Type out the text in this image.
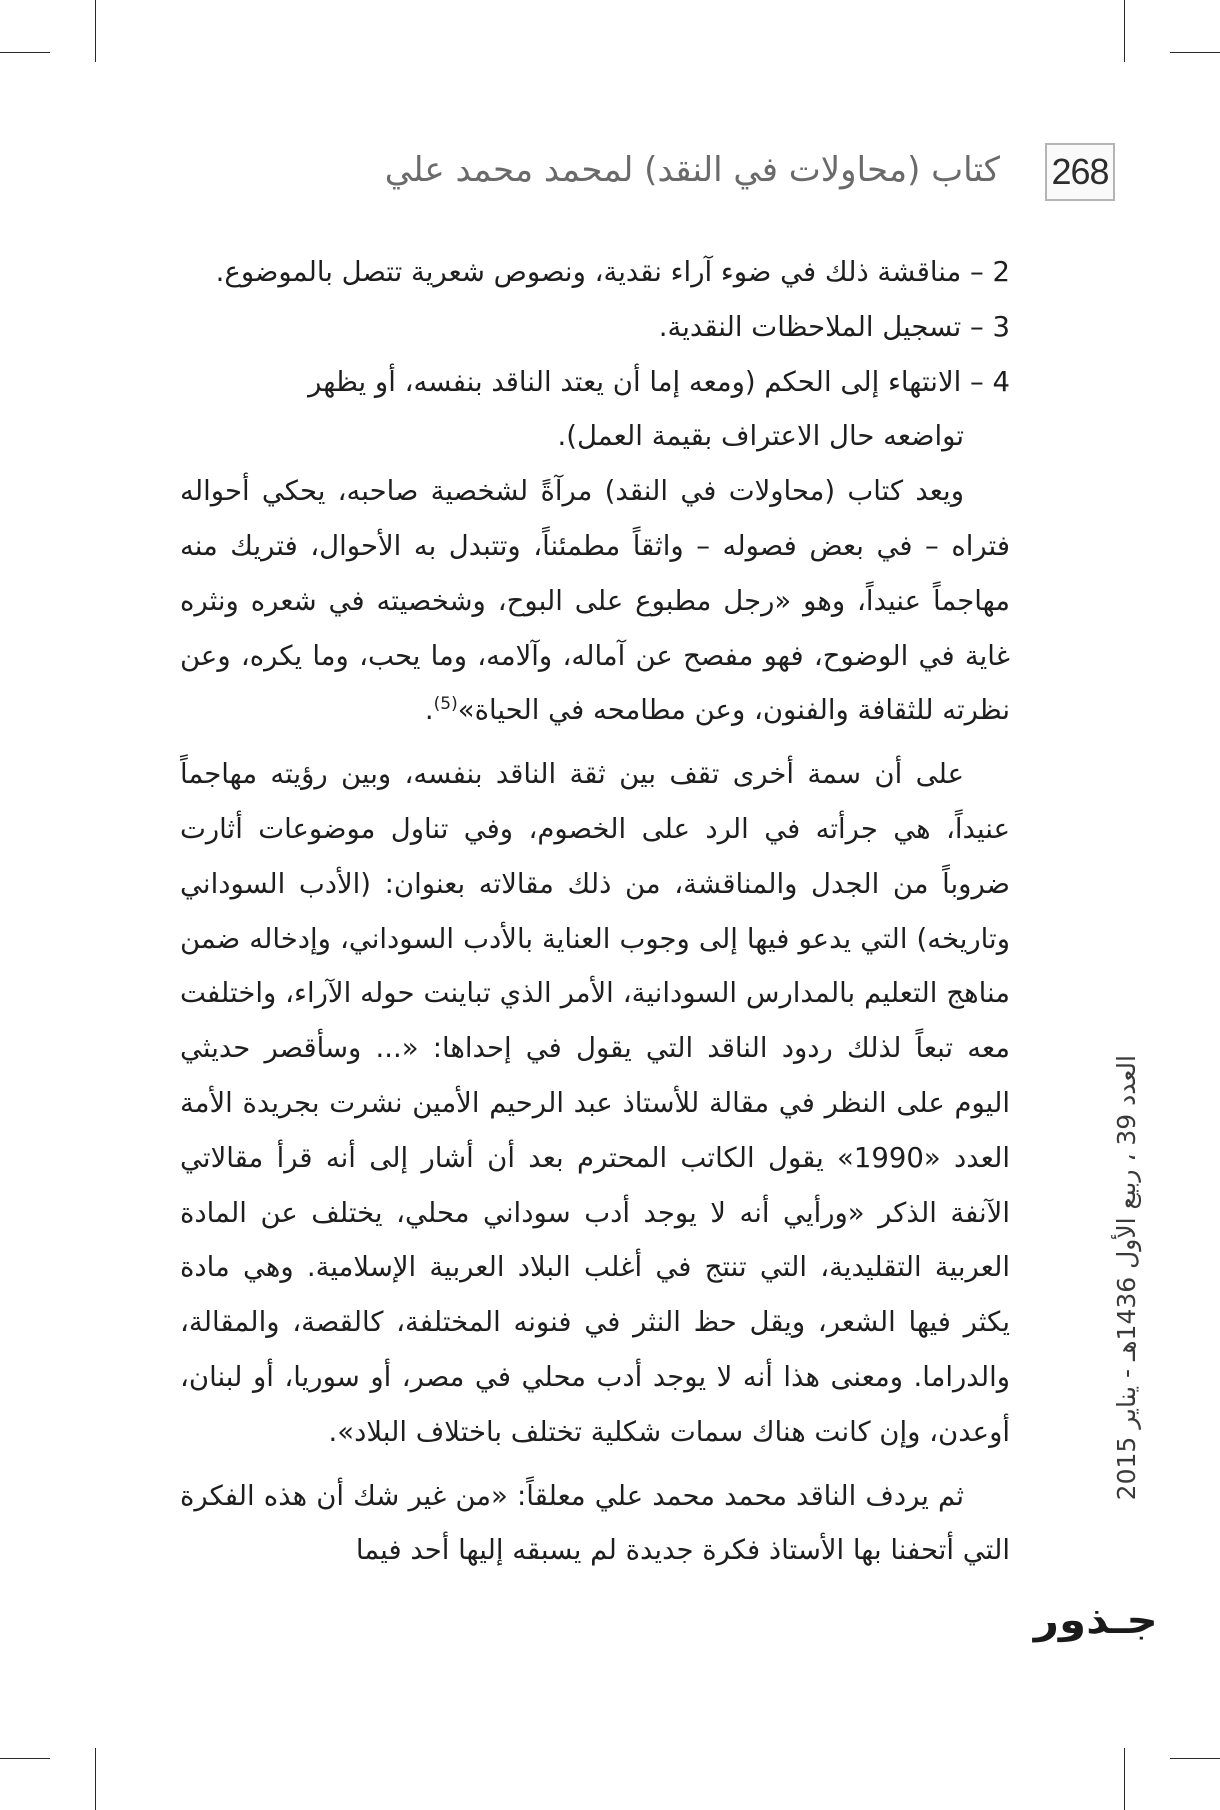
268
كتاب (محاولات في النقد) لمحمد محمد علي

2 – مناقشة ذلك في ضوء آراء نقدية، ونصوص شعرية تتصل بالموضوع.

3 – تسجيل الملاحظات النقدية.

4 – الانتهاء إلى الحكم (ومعه إما أن يعتد الناقد بنفسه، أو يظهر
تواضعه حال الاعتراف بقيمة العمل).

ويعد كتاب (محاولات في النقد) مرآةً لشخصية صاحبه، يحكي أحواله فتراه – في بعض فصوله – واثقاً مطمئناً، وتتبدل به الأحوال، فتريك منه مهاجماً عنيداً، وهو «رجل مطبوع على البوح، وشخصيته في شعره ونثره غاية في الوضوح، فهو مفصح عن آماله، وآلامه، وما يحب، وما يكره، وعن نظرته للثقافة والفنون، وعن مطامحه في الحياة»$^{(5)}$.

على أن سمة أخرى تقف بين ثقة الناقد بنفسه، وبين رؤيته مهاجماً عنيداً، هي جرأته في الرد على الخصوم، وفي تناول موضوعات أثارت ضروباً من الجدل والمناقشة، من ذلك مقالاته بعنوان: (الأدب السوداني وتاريخه) التي يدعو فيها إلى وجوب العناية بالأدب السوداني، وإدخاله ضمن مناهج التعليم بالمدارس السودانية، الأمر الذي تباينت حوله الآراء، واختلفت معه تبعاً لذلك ردود الناقد التي يقول في إحداها: «... وسأقصر حديثي اليوم على النظر في مقالة للأستاذ عبد الرحيم الأمين نشرت بجريدة الأمة العدد «1990» يقول الكاتب المحترم بعد أن أشار إلى أنه قرأ مقالاتي الآنفة الذكر «ورأيي أنه لا يوجد أدب سوداني محلي، يختلف عن المادة العربية التقليدية، التي تنتج في أغلب البلاد العربية الإسلامية. وهي مادة يكثر فيها الشعر، ويقل حظ النثر في فنونه المختلفة، كالقصة، والمقالة، والدراما. ومعنى هذا أنه لا يوجد أدب محلي في مصر، أو سوريا، أو لبنان، أوعدن، وإن كانت هناك سمات شكلية تختلف باختلاف البلاد».

ثم يردف الناقد محمد محمد علي معلقاً: «من غير شك أن هذه الفكرة التي أتحفنا بها الأستاذ فكرة جديدة لم يسبقه إليها أحد فيما

العدد 39 ، ربيع الأول 1436هـ - يناير 2015
جـذور
